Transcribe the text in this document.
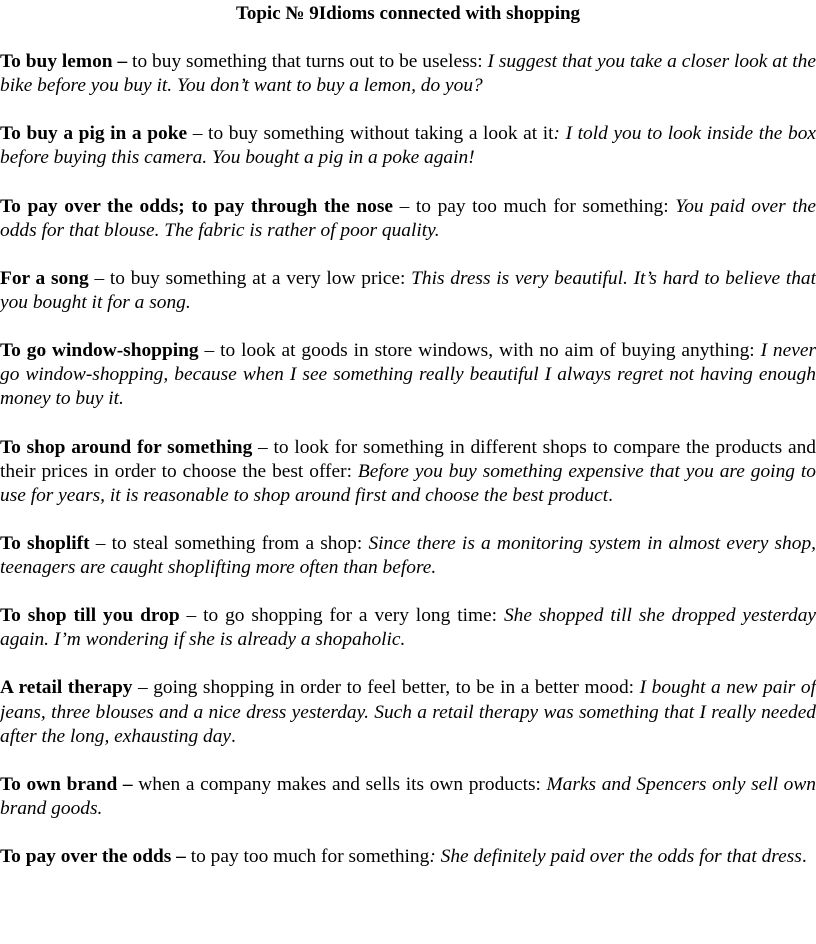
Topic № 9Idioms connected with shopping

To buy lemon – to buy something that turns out to be useless: I suggest that you take a closer look at the bike before you buy it. You don’t want to buy a lemon, do you?

To buy a pig in a poke – to buy something without taking a look at it: I told you to look inside the box before buying this camera. You bought a pig in a poke again!

To pay over the odds; to pay through the nose – to pay too much for something: You paid over the odds for that blouse. The fabric is rather of poor quality.

For a song – to buy something at a very low price: This dress is very beautiful. It’s hard to believe that you bought it for a song.

To go window-shopping – to look at goods in store windows, with no aim of buying anything: I never go window-shopping, because when I see something really beautiful I always regret not having enough money to buy it.

To shop around for something – to look for something in different shops to compare the products and their prices in order to choose the best offer: Before you buy something expensive that you are going to use for years, it is reasonable to shop around first and choose the best product.

To shoplift – to steal something from a shop: Since there is a monitoring system in almost every shop, teenagers are caught shoplifting more often than before.

To shop till you drop – to go shopping for a very long time: She shopped till she dropped yesterday again. I’m wondering if she is already a shopaholic.

A retail therapy – going shopping in order to feel better, to be in a better mood: I bought a new pair of jeans, three blouses and a nice dress yesterday. Such a retail therapy was something that I really needed after the long, exhausting day.

To own brand – when a company makes and sells its own products: Marks and Spencers only sell own brand goods.

To pay over the odds – to pay too much for something: She definitely paid over the odds for that dress.
